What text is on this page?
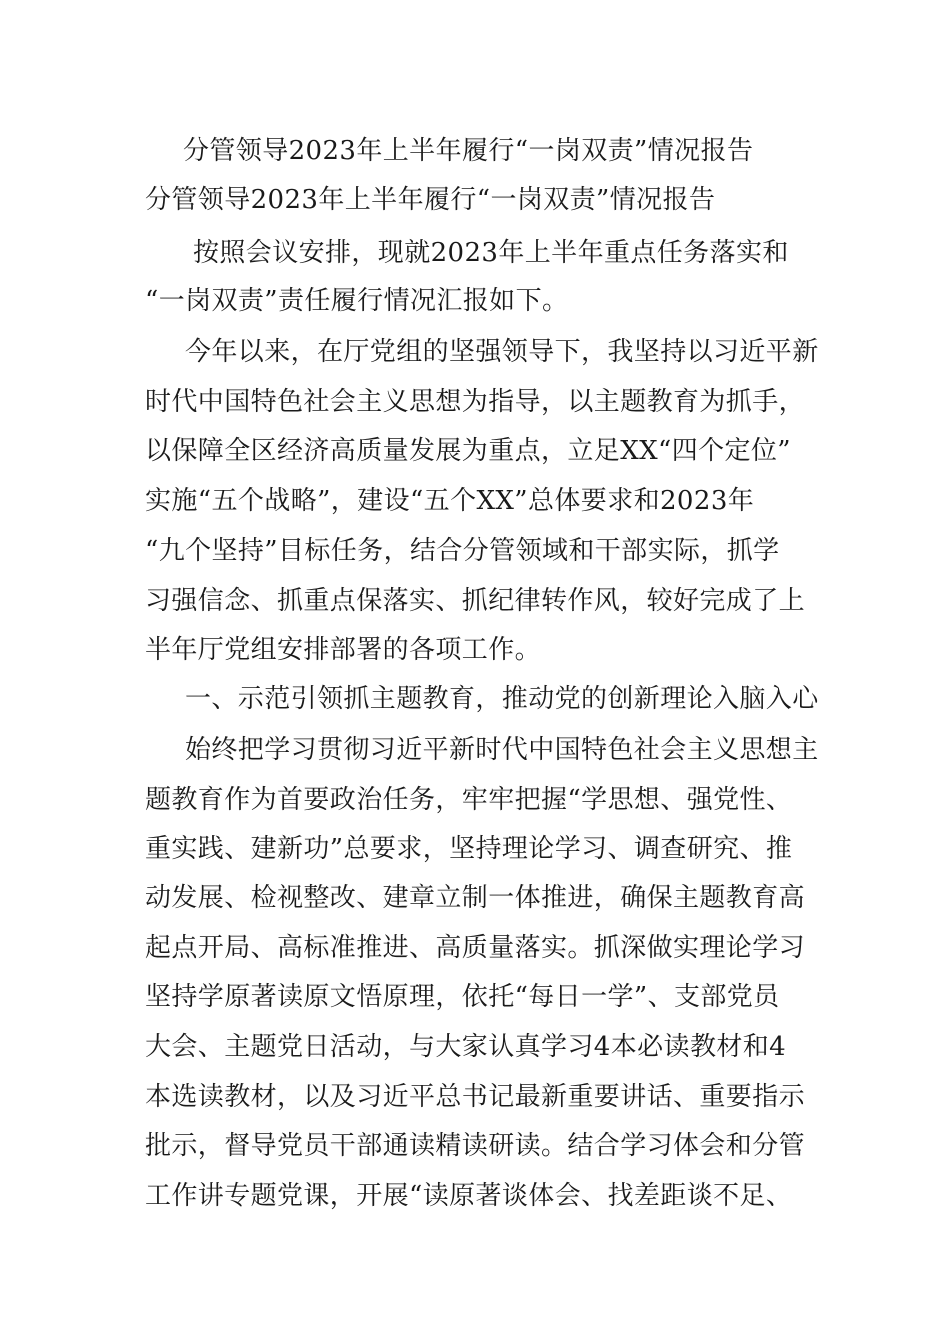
分管领导2023年上半年履行“一岗双责”情况报告
分管领导2023年上半年履行“一岗双责”情况报告
按照会议安排，现就2023年上半年重点任务落实和
“一岗双责”责任履行情况汇报如下。
今年以来，在厅党组的坚强领导下，我坚持以习近平新
时代中国特色社会主义思想为指导，以主题教育为抓手，
以保障全区经济高质量发展为重点，立足XX“四个定位”
实施“五个战略”，建设“五个XX”总体要求和2023年
“九个坚持”目标任务，结合分管领域和干部实际，抓学
习强信念、抓重点保落实、抓纪律转作风，较好完成了上
半年厅党组安排部署的各项工作。
一、示范引领抓主题教育，推动党的创新理论入脑入心
始终把学习贯彻习近平新时代中国特色社会主义思想主
题教育作为首要政治任务，牢牢把握“学思想、强党性、
重实践、建新功”总要求，坚持理论学习、调查研究、推
动发展、检视整改、建章立制一体推进，确保主题教育高
起点开局、高标准推进、高质量落实。抓深做实理论学习
坚持学原著读原文悟原理，依托“每日一学”、支部党员
大会、主题党日活动，与大家认真学习4本必读教材和4
本选读教材，以及习近平总书记最新重要讲话、重要指示
批示，督导党员干部通读精读研读。结合学习体会和分管
工作讲专题党课，开展“读原著谈体会、找差距谈不足、
